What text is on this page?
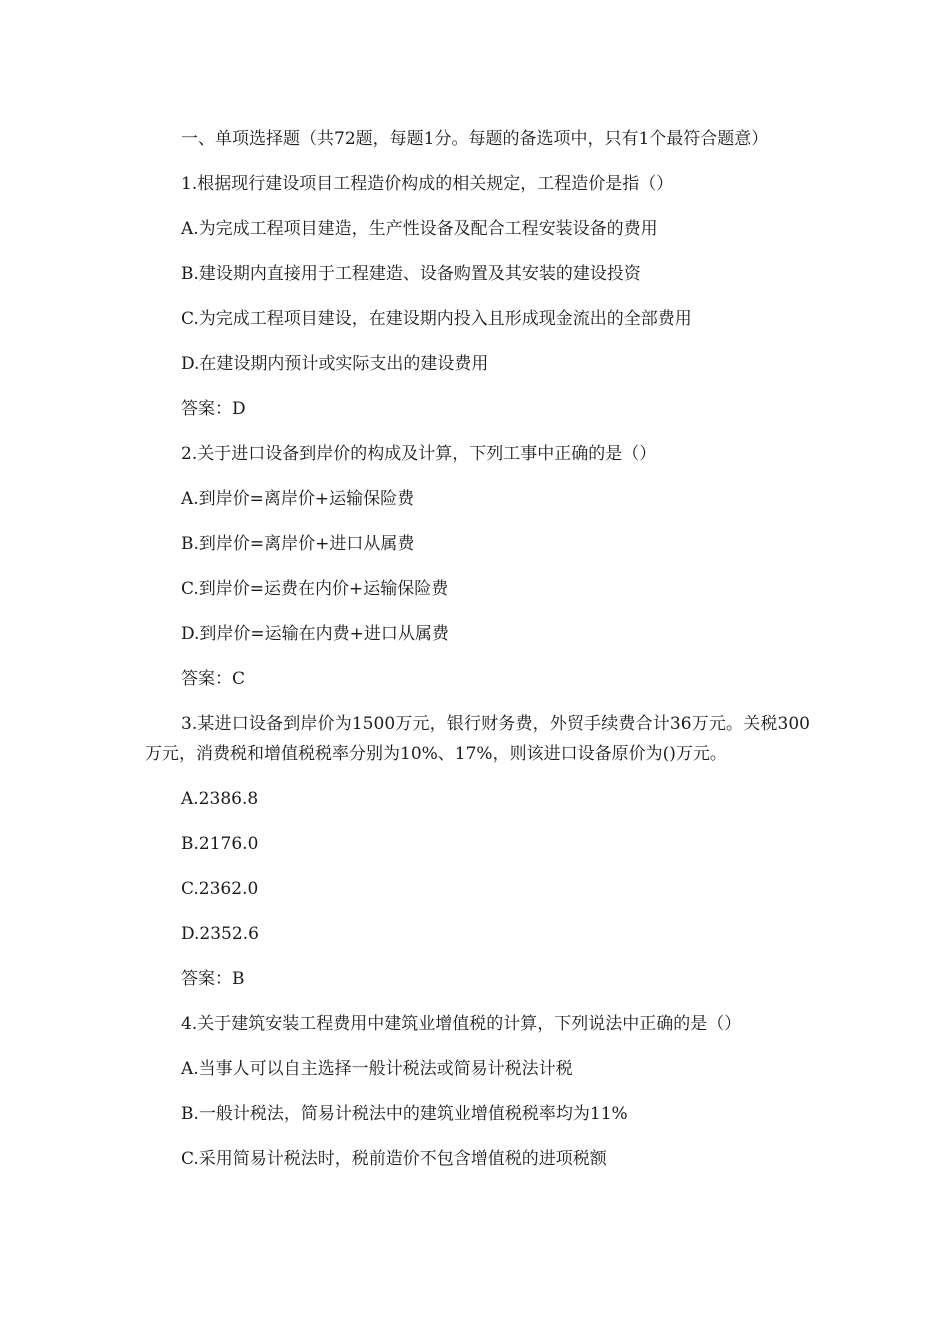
一、单项选择题（共72题，每题1分。每题的备选项中，只有1个最符合题意）

1.根据现行建设项目工程造价构成的相关规定，工程造价是指（）

A.为完成工程项目建造，生产性设备及配合工程安装设备的费用

B.建设期内直接用于工程建造、设备购置及其安装的建设投资

C.为完成工程项目建设，在建设期内投入且形成现金流出的全部费用

D.在建设期内预计或实际支出的建设费用

答案：D

2.关于进口设备到岸价的构成及计算，下列工事中正确的是（）

A.到岸价=离岸价+运输保险费

B.到岸价=离岸价+进口从属费

C.到岸价=运费在内价+运输保险费

D.到岸价=运输在内费+进口从属费

答案：C

3.某进口设备到岸价为1500万元，银行财务费，外贸手续费合计36万元。关税300万元，消费税和增值税税率分别为10%、17%，则该进口设备原价为()万元。

A.2386.8

B.2176.0

C.2362.0

D.2352.6

答案：B

4.关于建筑安装工程费用中建筑业增值税的计算，下列说法中正确的是（）

A.当事人可以自主选择一般计税法或简易计税法计税

B.一般计税法，简易计税法中的建筑业增值税税率均为11%

C.采用简易计税法时，税前造价不包含增值税的进项税额
